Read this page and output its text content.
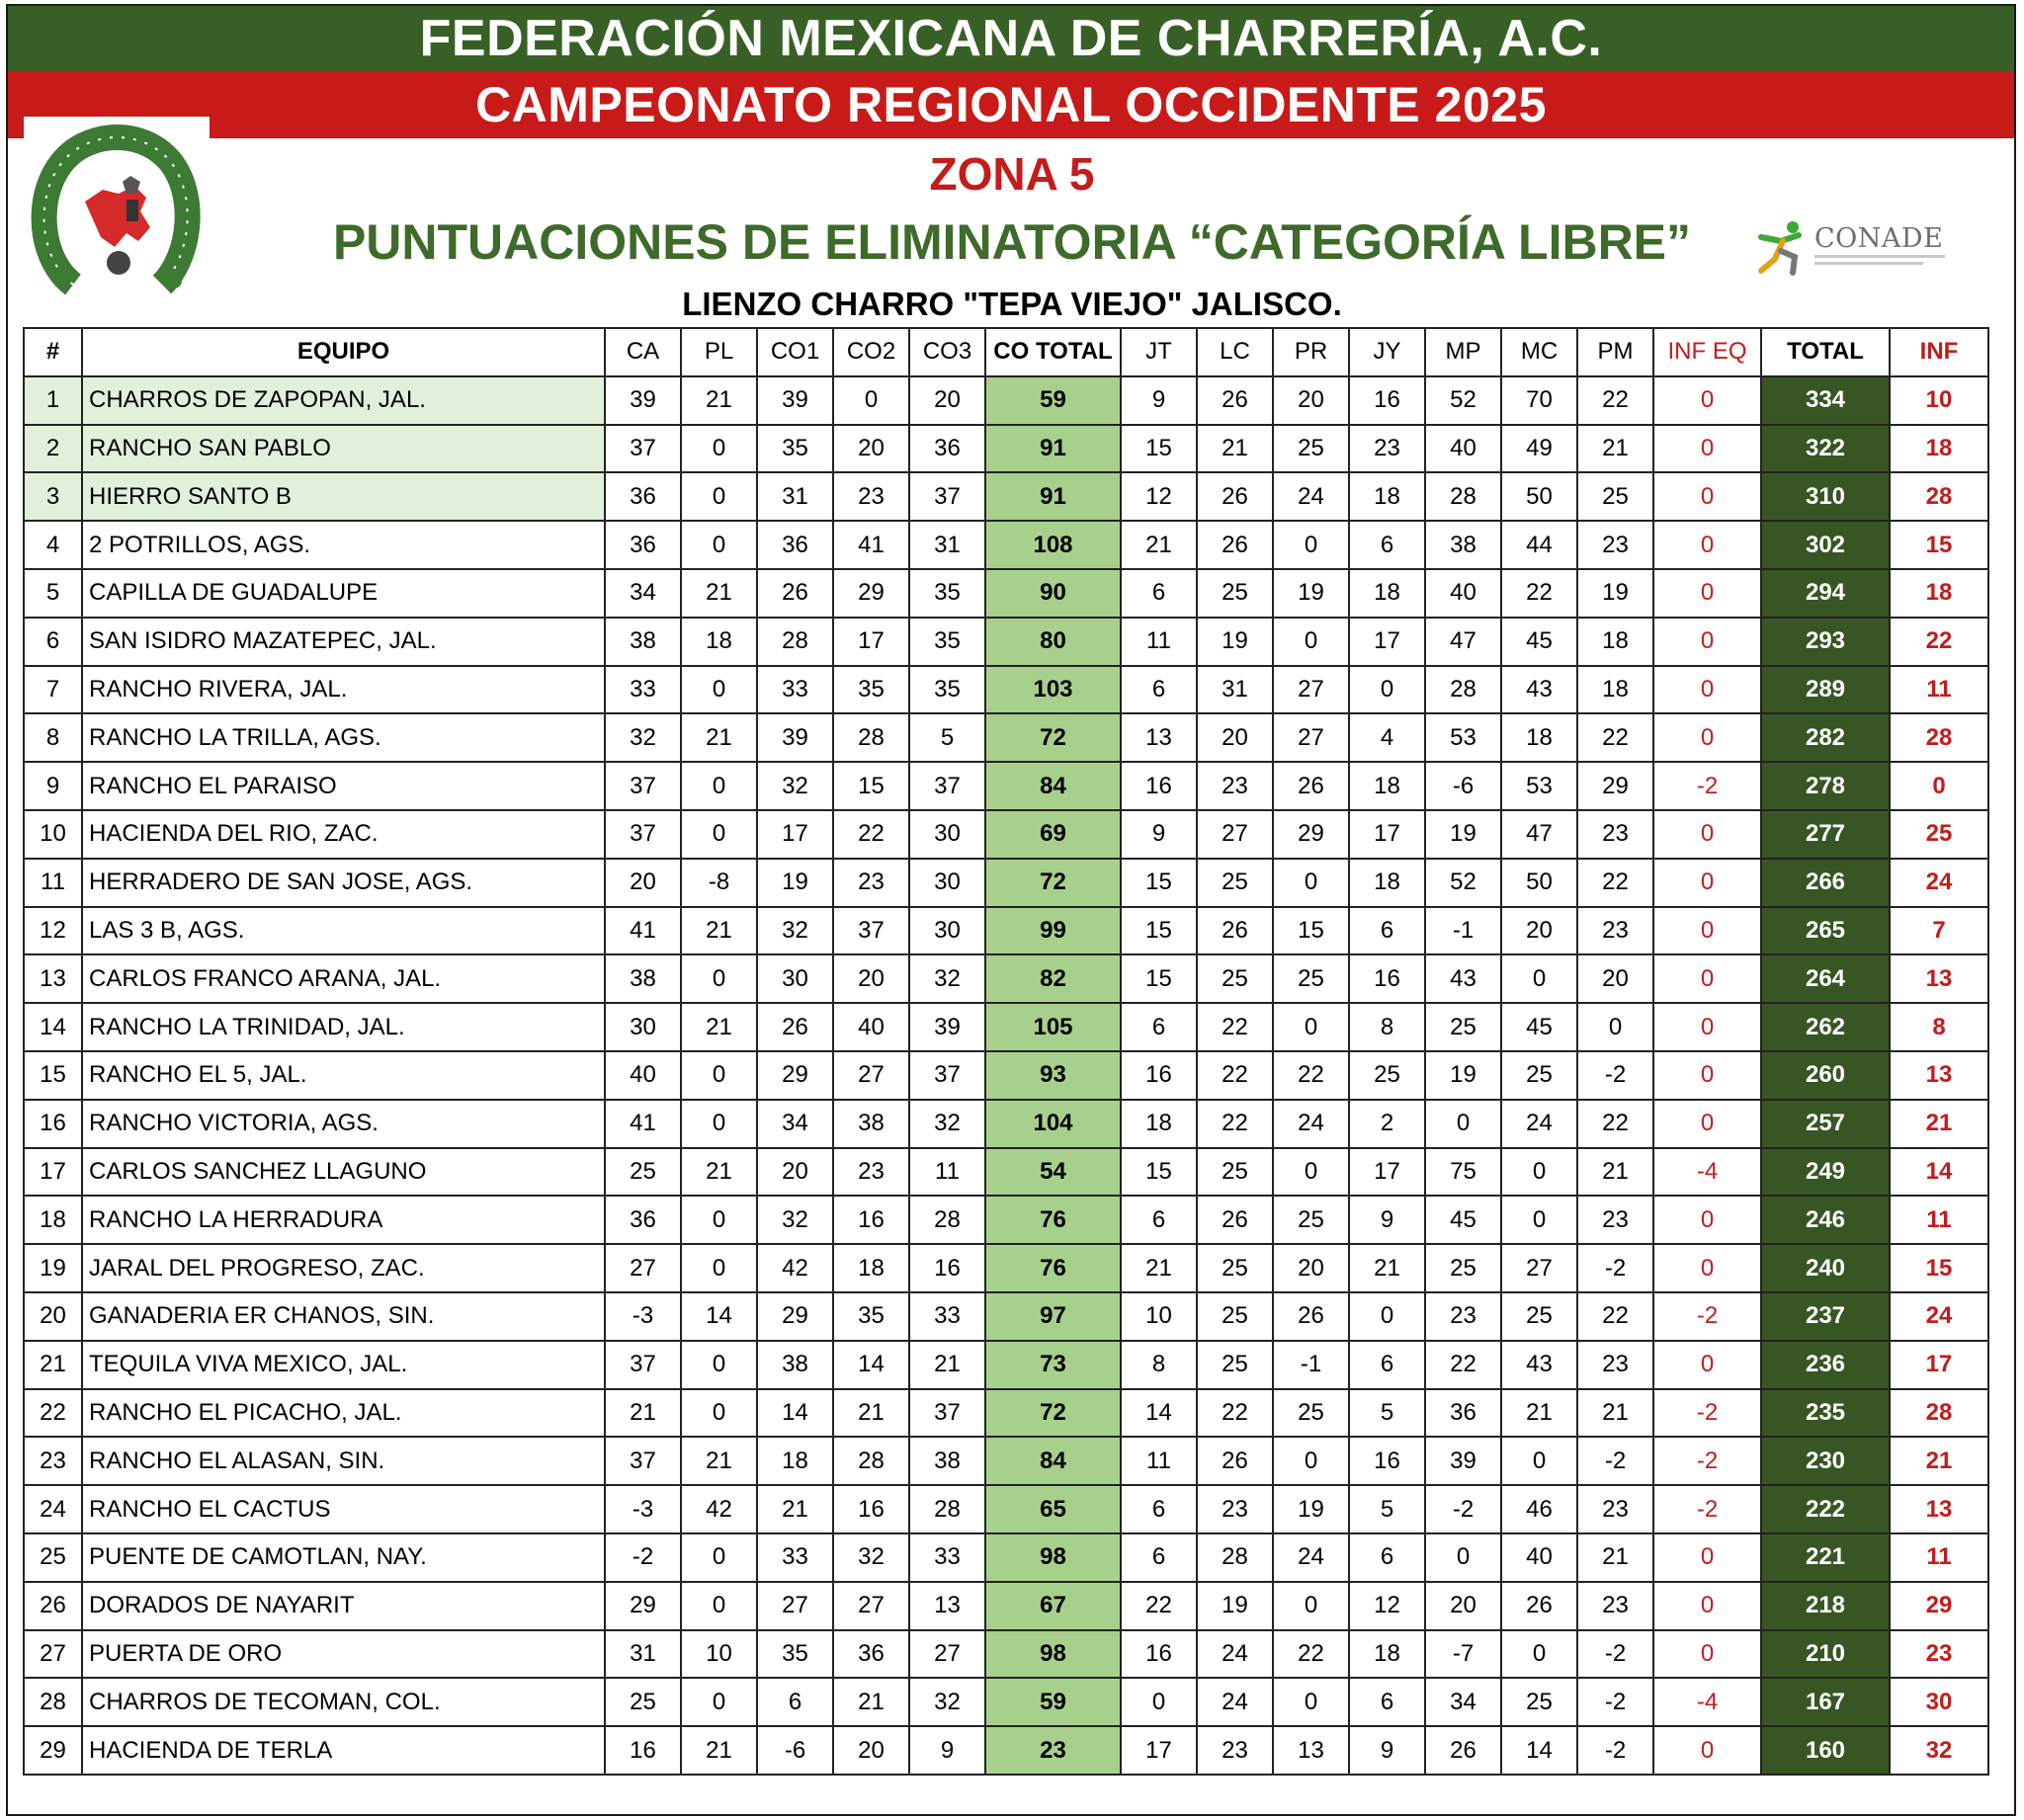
FEDERACIÓN MEXICANA DE CHARRERÍA, A.C.
CAMPEONATO REGIONAL OCCIDENTE 2025
ZONA 5
PUNTUACIONES DE ELIMINATORIA “CATEGORÍA LIBRE”
LIENZO CHARRO "TEPA VIEJO" JALISCO.
CONADE
#	EQUIPO	CA	PL	CO1	CO2	CO3	CO TOTAL	JT	LC	PR	JY	MP	MC	PM	INF EQ	TOTAL	INF
1	CHARROS DE ZAPOPAN, JAL.	39	21	39	0	20	59	9	26	20	16	52	70	22	0	334	10
2	RANCHO SAN PABLO	37	0	35	20	36	91	15	21	25	23	40	49	21	0	322	18
3	HIERRO SANTO B	36	0	31	23	37	91	12	26	24	18	28	50	25	0	310	28
4	2 POTRILLOS, AGS.	36	0	36	41	31	108	21	26	0	6	38	44	23	0	302	15
5	CAPILLA DE GUADALUPE	34	21	26	29	35	90	6	25	19	18	40	22	19	0	294	18
6	SAN ISIDRO MAZATEPEC, JAL.	38	18	28	17	35	80	11	19	0	17	47	45	18	0	293	22
7	RANCHO RIVERA, JAL.	33	0	33	35	35	103	6	31	27	0	28	43	18	0	289	11
8	RANCHO LA TRILLA, AGS.	32	21	39	28	5	72	13	20	27	4	53	18	22	0	282	28
9	RANCHO EL PARAISO	37	0	32	15	37	84	16	23	26	18	-6	53	29	-2	278	0
10	HACIENDA DEL RIO, ZAC.	37	0	17	22	30	69	9	27	29	17	19	47	23	0	277	25
11	HERRADERO DE SAN JOSE, AGS.	20	-8	19	23	30	72	15	25	0	18	52	50	22	0	266	24
12	LAS 3 B, AGS.	41	21	32	37	30	99	15	26	15	6	-1	20	23	0	265	7
13	CARLOS FRANCO ARANA, JAL.	38	0	30	20	32	82	15	25	25	16	43	0	20	0	264	13
14	RANCHO LA TRINIDAD, JAL.	30	21	26	40	39	105	6	22	0	8	25	45	0	0	262	8
15	RANCHO EL 5, JAL.	40	0	29	27	37	93	16	22	22	25	19	25	-2	0	260	13
16	RANCHO VICTORIA, AGS.	41	0	34	38	32	104	18	22	24	2	0	24	22	0	257	21
17	CARLOS SANCHEZ LLAGUNO	25	21	20	23	11	54	15	25	0	17	75	0	21	-4	249	14
18	RANCHO LA HERRADURA	36	0	32	16	28	76	6	26	25	9	45	0	23	0	246	11
19	JARAL DEL PROGRESO, ZAC.	27	0	42	18	16	76	21	25	20	21	25	27	-2	0	240	15
20	GANADERIA ER CHANOS, SIN.	-3	14	29	35	33	97	10	25	26	0	23	25	22	-2	237	24
21	TEQUILA VIVA MEXICO, JAL.	37	0	38	14	21	73	8	25	-1	6	22	43	23	0	236	17
22	RANCHO EL PICACHO, JAL.	21	0	14	21	37	72	14	22	25	5	36	21	21	-2	235	28
23	RANCHO EL ALASAN, SIN.	37	21	18	28	38	84	11	26	0	16	39	0	-2	-2	230	21
24	RANCHO EL CACTUS	-3	42	21	16	28	65	6	23	19	5	-2	46	23	-2	222	13
25	PUENTE DE CAMOTLAN, NAY.	-2	0	33	32	33	98	6	28	24	6	0	40	21	0	221	11
26	DORADOS DE NAYARIT	29	0	27	27	13	67	22	19	0	12	20	26	23	0	218	29
27	PUERTA DE ORO	31	10	35	36	27	98	16	24	22	18	-7	0	-2	0	210	23
28	CHARROS DE TECOMAN, COL.	25	0	6	21	32	59	0	24	0	6	34	25	-2	-4	167	30
29	HACIENDA DE TERLA	16	21	-6	20	9	23	17	23	13	9	26	14	-2	0	160	32
